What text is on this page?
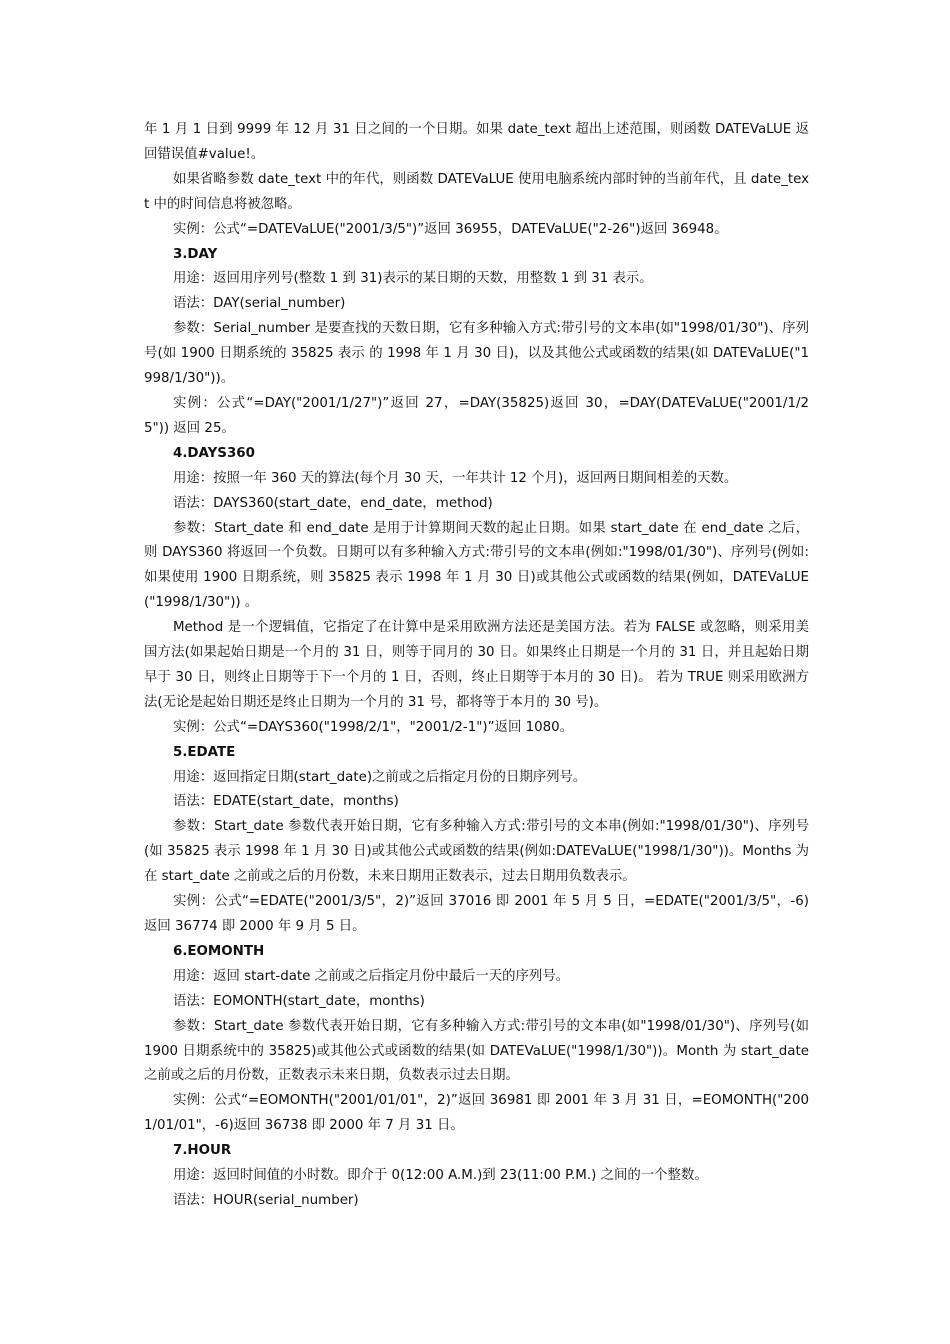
年 1 月 1 日到 9999 年 12 月 31 日之间的一个日期。如果 date_text 超出上述范围，则函数 DATEVaLUE 返回错误值#value!。

如果省略参数 date_text 中的年代，则函数 DATEVaLUE 使用电脑系统内部时钟的当前年代，且 date_text 中的时间信息将被忽略。

实例：公式“=DATEVaLUE("2001/3/5")”返回 36955，DATEVaLUE("2-26")返回 36948。

3.DAY

用途：返回用序列号(整数 1 到 31)表示的某日期的天数，用整数 1 到 31 表示。

语法：DAY(serial_number)

参数：Serial_number 是要查找的天数日期，它有多种输入方式:带引号的文本串(如"1998/01/30")、序列号(如 1900 日期系统的 35825 表示 的 1998 年 1 月 30 日)，以及其他公式或函数的结果(如 DATEVaLUE("1998/1/30"))。

实例：公式“=DAY("2001/1/27")”返回 27，=DAY(35825)返回 30，=DAY(DATEVaLUE("2001/1/25")) 返回 25。

4.DAYS360

用途：按照一年 360 天的算法(每个月 30 天，一年共计 12 个月)，返回两日期间相差的天数。

语法：DAYS360(start_date，end_date，method)

参数：Start_date 和 end_date 是用于计算期间天数的起止日期。如果 start_date 在 end_date 之后，则 DAYS360 将返回一个负数。日期可以有多种输入方式:带引号的文本串(例如:"1998/01/30")、序列号(例如:如果使用 1900 日期系统，则 35825 表示 1998 年 1 月 30 日)或其他公式或函数的结果(例如，DATEVaLUE("1998/1/30")) 。

Method 是一个逻辑值，它指定了在计算中是采用欧洲方法还是美国方法。若为 FALSE 或忽略，则采用美国方法(如果起始日期是一个月的 31 日，则等于同月的 30 日。如果终止日期是一个月的 31 日，并且起始日期早于 30 日，则终止日期等于下一个月的 1 日，否则，终止日期等于本月的 30 日)。 若为 TRUE 则采用欧洲方法(无论是起始日期还是终止日期为一个月的 31 号，都将等于本月的 30 号)。

实例：公式“=DAYS360("1998/2/1"，"2001/2-1")”返回 1080。

5.EDATE

用途：返回指定日期(start_date)之前或之后指定月份的日期序列号。

语法：EDATE(start_date，months)

参数：Start_date 参数代表开始日期，它有多种输入方式:带引号的文本串(例如:"1998/01/30")、序列号(如 35825 表示 1998 年 1 月 30 日)或其他公式或函数的结果(例如:DATEVaLUE("1998/1/30"))。Months 为在 start_date 之前或之后的月份数，未来日期用正数表示，过去日期用负数表示。

实例：公式“=EDATE("2001/3/5"，2)”返回 37016 即 2001 年 5 月 5 日，=EDATE("2001/3/5"，-6)返回 36774 即 2000 年 9 月 5 日。

6.EOMONTH

用途：返回 start-date 之前或之后指定月份中最后一天的序列号。

语法：EOMONTH(start_date，months)

参数：Start_date 参数代表开始日期，它有多种输入方式:带引号的文本串(如"1998/01/30")、序列号(如 1900 日期系统中的 35825)或其他公式或函数的结果(如 DATEVaLUE("1998/1/30"))。Month 为 start_date 之前或之后的月份数，正数表示未来日期，负数表示过去日期。

实例：公式“=EOMONTH("2001/01/01"，2)”返回 36981 即 2001 年 3 月 31 日，=EOMONTH("2001/01/01"，-6)返回 36738 即 2000 年 7 月 31 日。

7.HOUR

用途：返回时间值的小时数。即介于 0(12:00 A.M.)到 23(11:00 P.M.) 之间的一个整数。

语法：HOUR(serial_number)
